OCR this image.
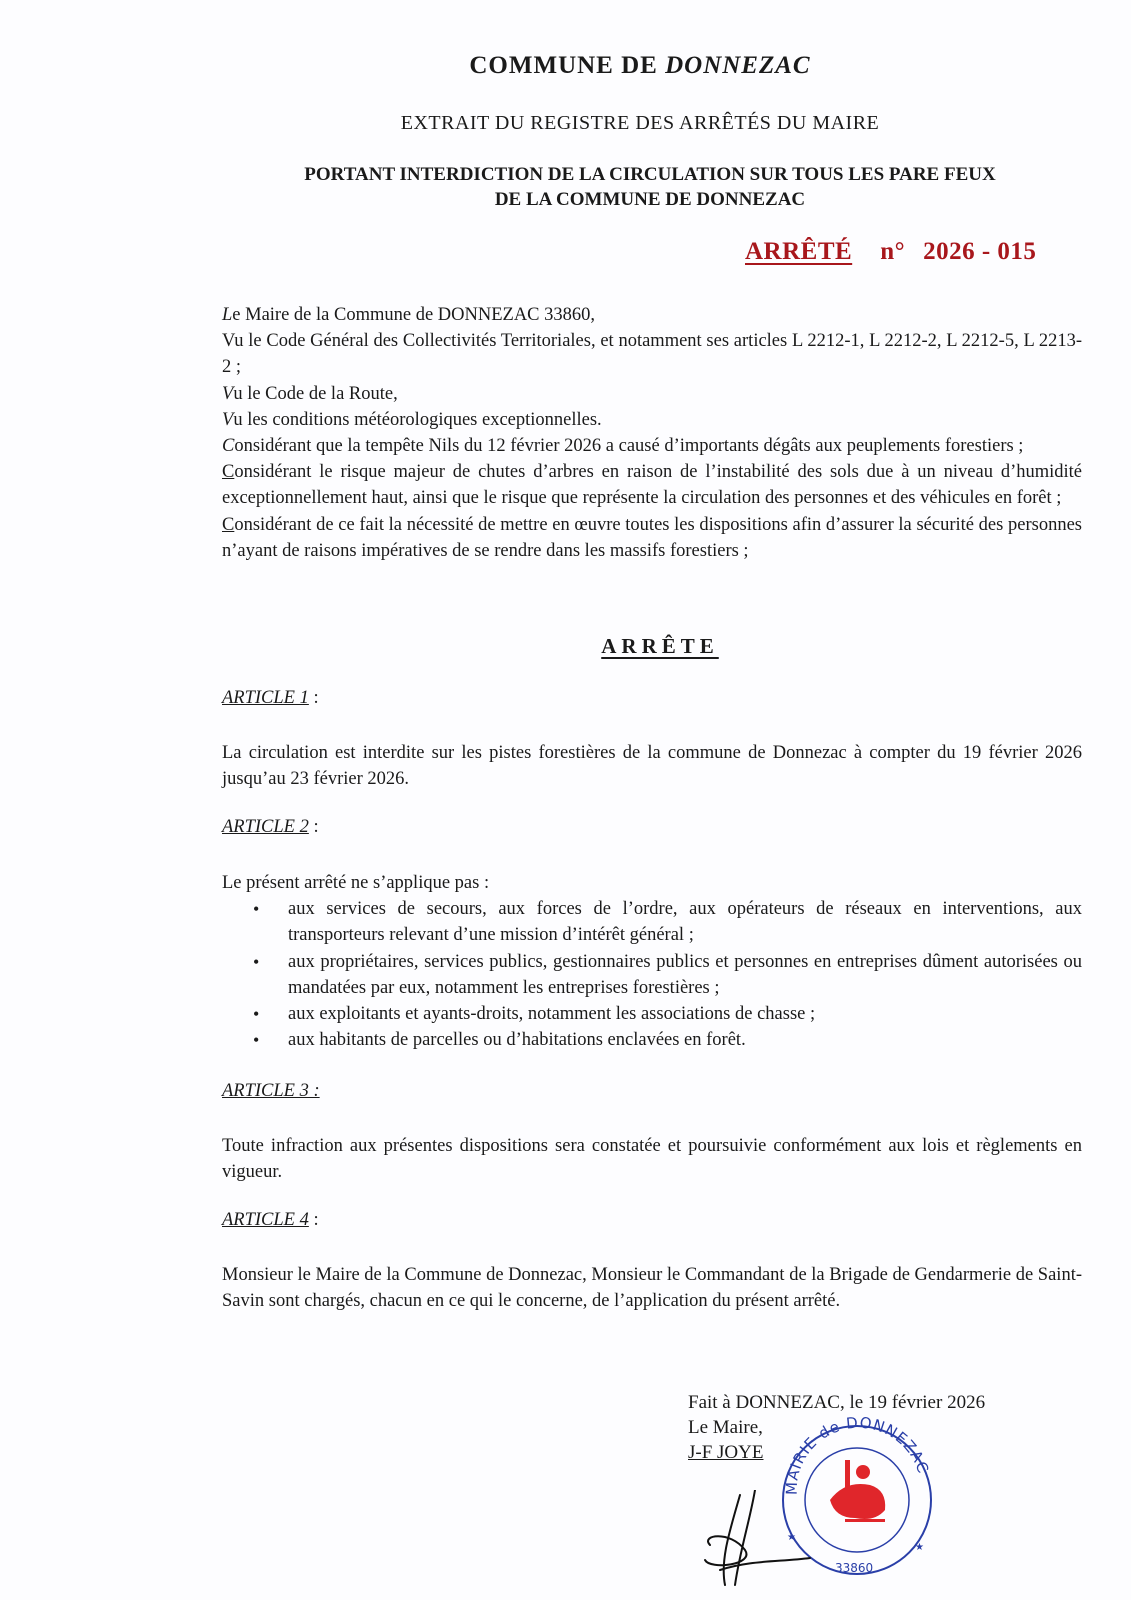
COMMUNE DE DONNEZAC
EXTRAIT DU REGISTRE DES ARRÊTÉS DU MAIRE
PORTANT INTERDICTION DE LA CIRCULATION SUR TOUS LES PARE FEUX
DE LA COMMUNE DE DONNEZAC
ARRÊTÉ n° 2026 - 015

Le Maire de la Commune de DONNEZAC 33860,

Vu le Code Général des Collectivités Territoriales, et notamment ses articles L 2212-1, L 2212-2, L 2212-5, L 2213-2 ;

Vu le Code de la Route,

Vu les conditions météorologiques exceptionnelles.

Considérant que la tempête Nils du 12 février 2026 a causé d’importants dégâts aux peuplements forestiers ;

Considérant le risque majeur de chutes d’arbres en raison de l’instabilité des sols due à un niveau d’humidité exceptionnellement haut, ainsi que le risque que représente la circulation des personnes et des véhicules en forêt ;

Considérant de ce fait la nécessité de mettre en œuvre toutes les dispositions afin d’assurer la sécurité des personnes n’ayant de raisons impératives de se rendre dans les massifs forestiers ;

ARRÊTE
ARTICLE 1 :

La circulation est interdite sur les pistes forestières de la commune de Donnezac à compter du 19 février 2026 jusqu’au 23 février 2026.

ARTICLE 2 :

Le présent arrêté ne s’applique pas :

• aux services de secours, aux forces de l’ordre, aux opérateurs de réseaux en interventions, aux transporteurs relevant d’une mission d’intérêt général ;
• aux propriétaires, services publics, gestionnaires publics et personnes en entreprises dûment autorisées ou mandatées par eux, notamment les entreprises forestières ;
• aux exploitants et ayants-droits, notamment les associations de chasse ;
• aux habitants de parcelles ou d’habitations enclavées en forêt.
ARTICLE 3 :

Toute infraction aux présentes dispositions sera constatée et poursuivie conformément aux lois et règlements en vigueur.

ARTICLE 4 :

Monsieur le Maire de la Commune de Donnezac, Monsieur le Commandant de la Brigade de Gendarmerie de Saint-Savin sont chargés, chacun en ce qui le concerne, de l’application du présent arrêté.

Fait à DONNEZAC, le 19 février 2026
Le Maire,
J-F JOYE
MAIRIE de DONNEZAC
33860
★
★
